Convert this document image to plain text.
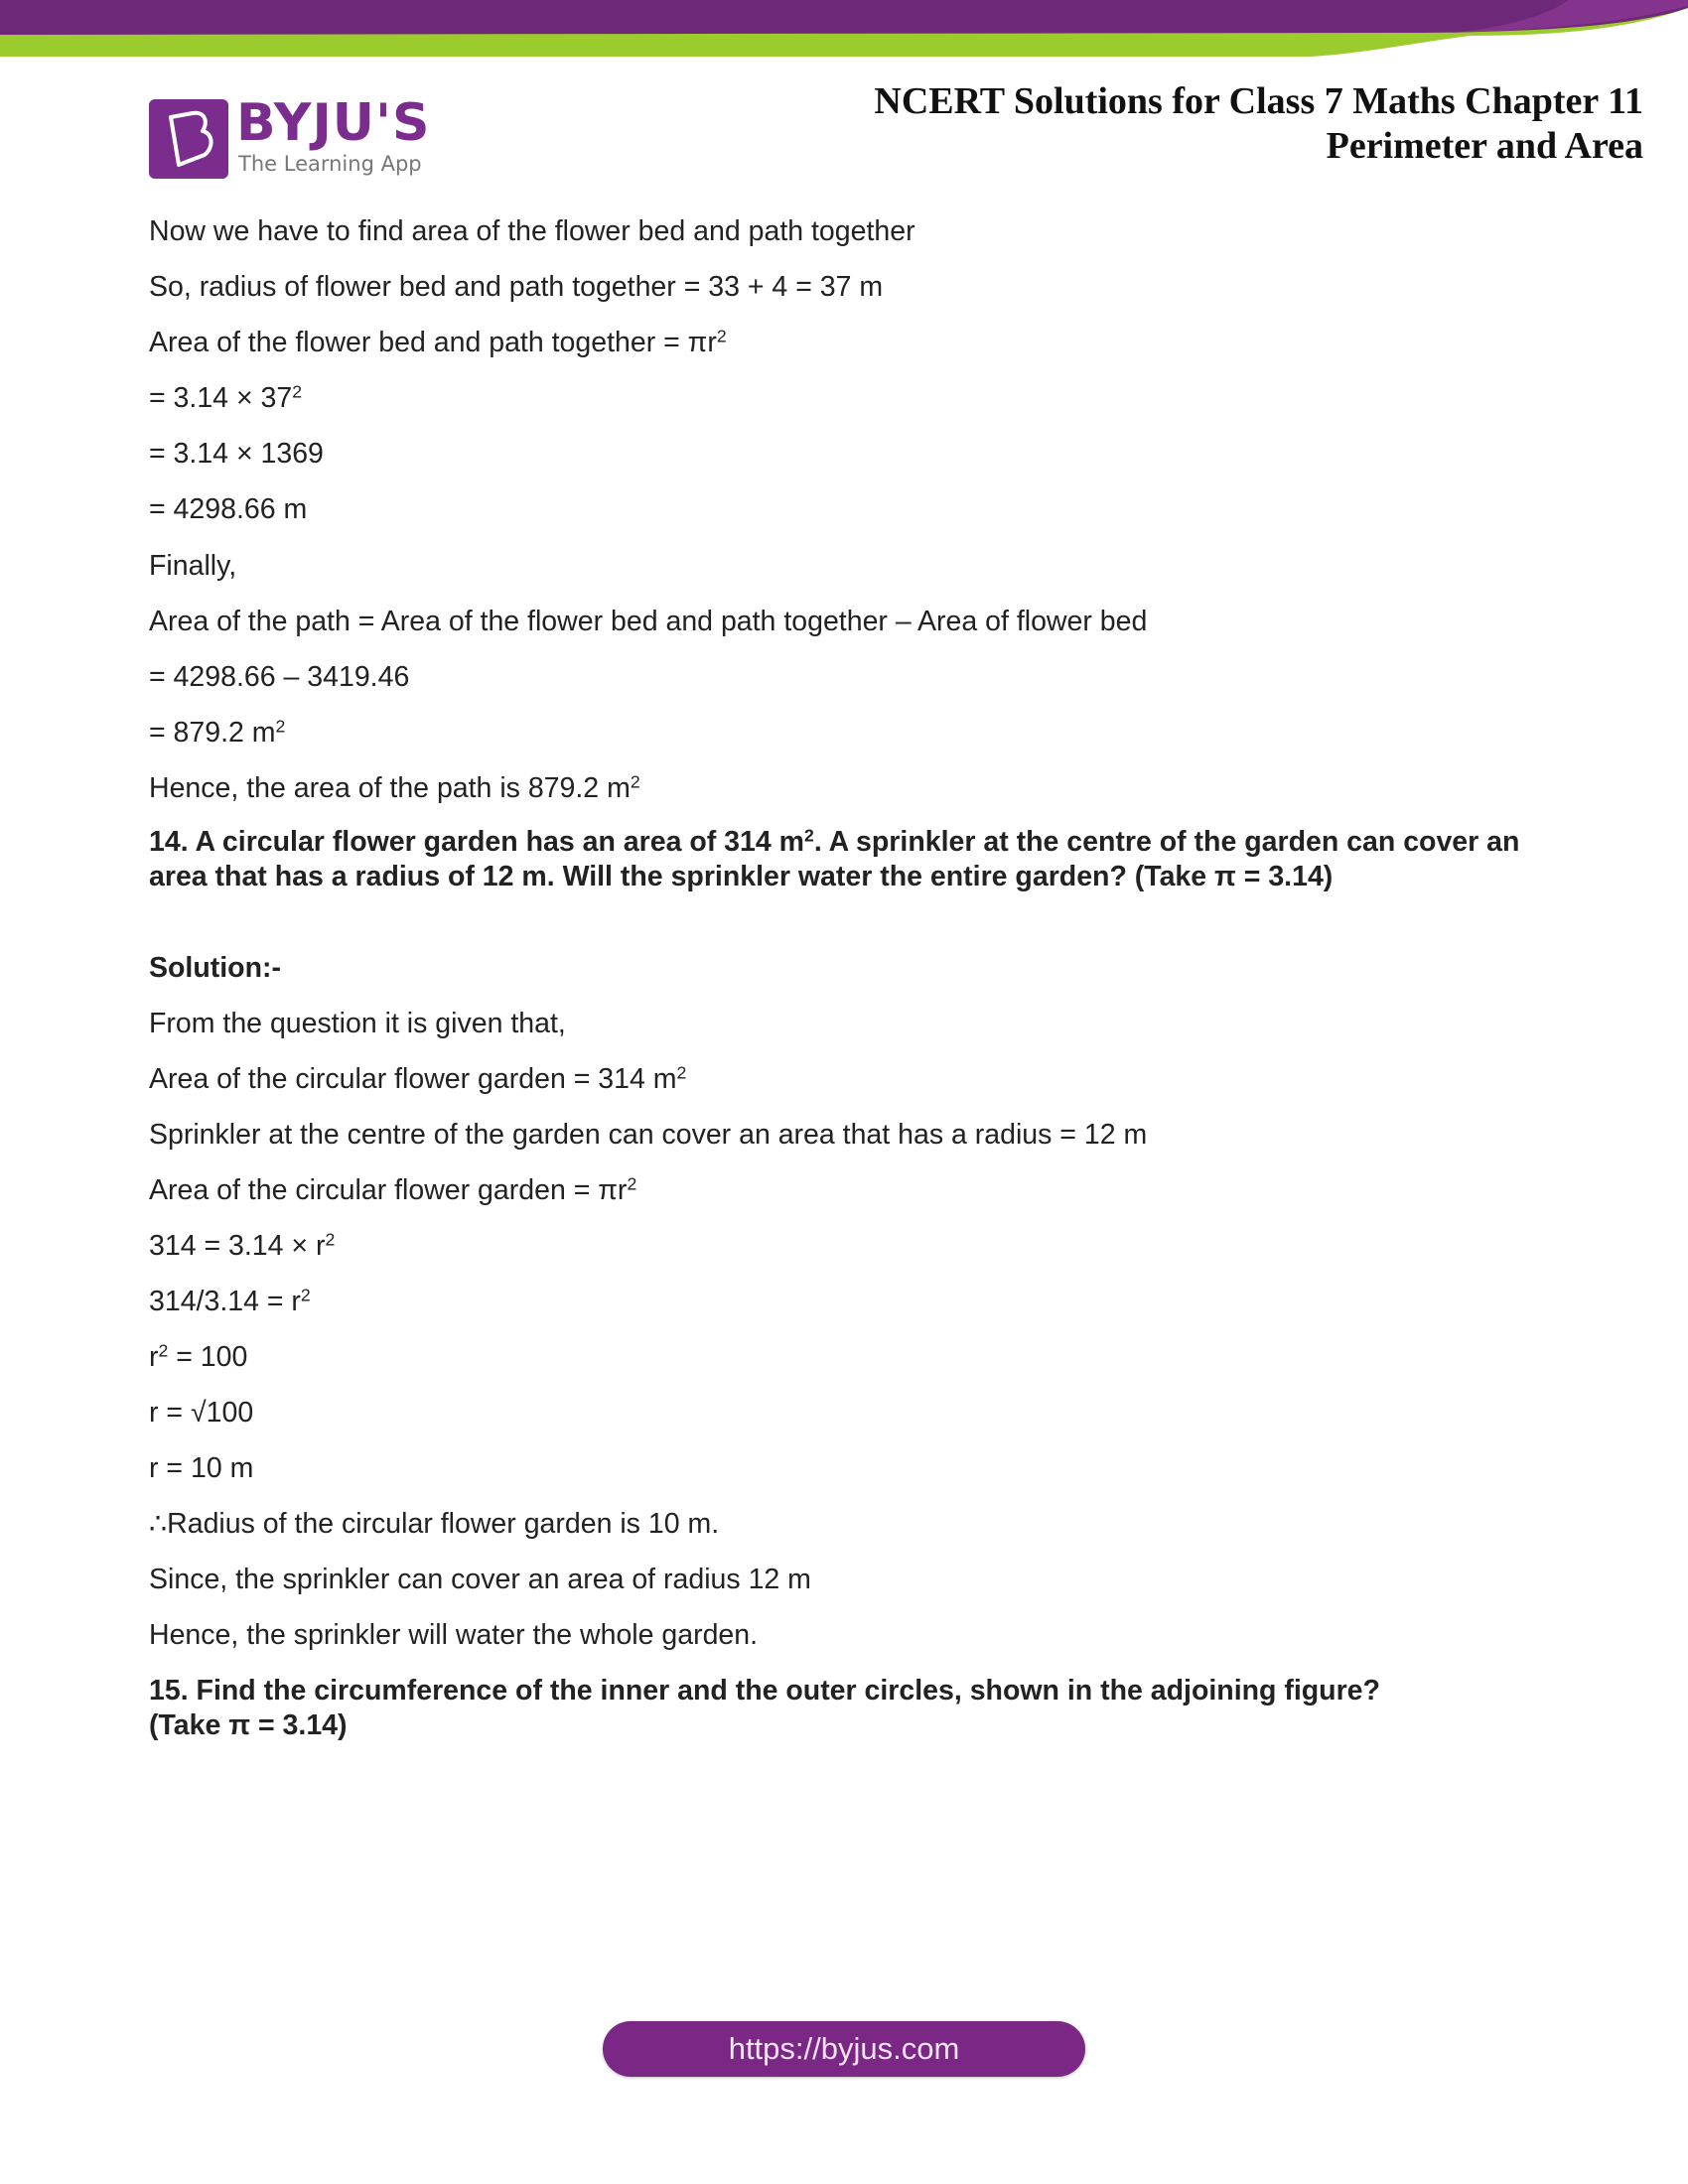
BYJU'S
The Learning App
NCERT Solutions for Class 7 Maths Chapter 11
Perimeter and Area
Now we have to find area of the flower bed and path together
So, radius of flower bed and path together = 33 + 4 = 37 m
Area of the flower bed and path together = $\pi r^2$
= $3.14 \times 37^2$
= 3.14 × 1369
= 4298.66 m
Finally,
Area of the path = Area of the flower bed and path together – Area of flower bed
= 4298.66 – 3419.46
= 879.2 $m^2$
Hence, the area of the path is 879.2 $m^2$
14. A circular flower garden has an area of 314 $m^2$. A sprinkler at the centre of the garden can cover an area that has a radius of 12 m. Will the sprinkler water the entire garden? (Take π = 3.14)
Solution:-
From the question it is given that,
Area of the circular flower garden = 314 $m^2$
Sprinkler at the centre of the garden can cover an area that has a radius = 12 m
Area of the circular flower garden = $\pi r^2$
$314 = 3.14 \times r^2$
$314/3.14 = r^2$
$r^2 = 100$
r = √100
r = 10 m
∴Radius of the circular flower garden is 10 m.
Since, the sprinkler can cover an area of radius 12 m
Hence, the sprinkler will water the whole garden.
15. Find the circumference of the inner and the outer circles, shown in the adjoining figure?
(Take π = 3.14)
https://byjus.com
